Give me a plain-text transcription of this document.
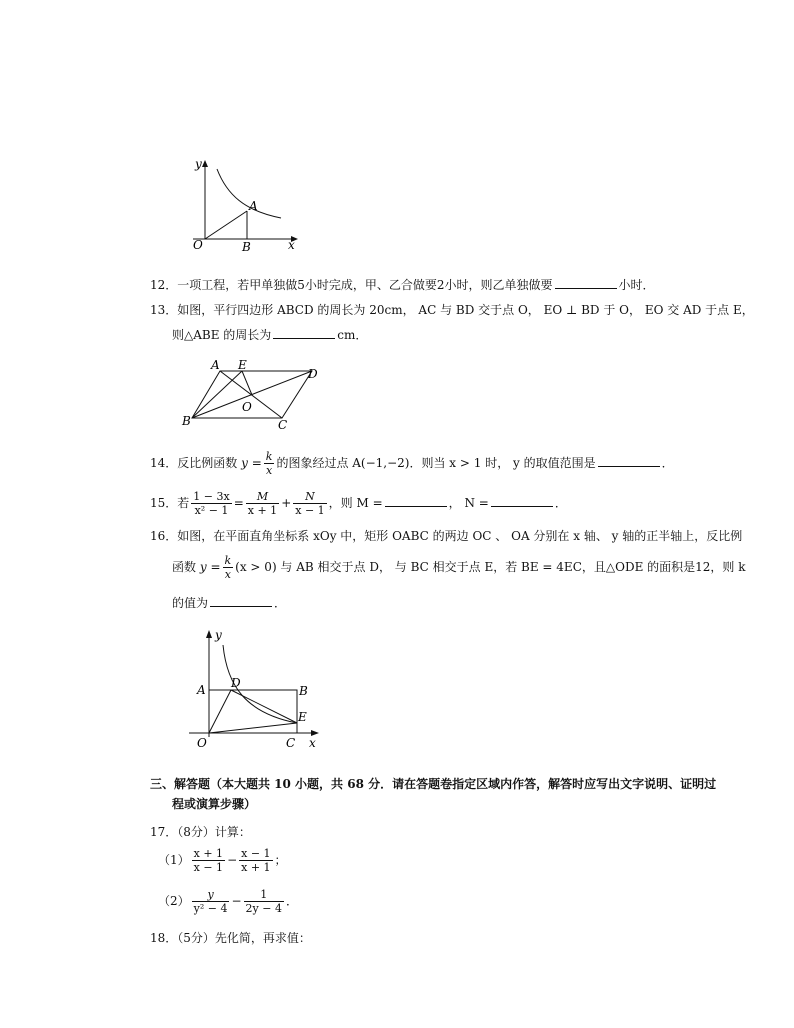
y
x
O
A
B
12．一项工程，若甲单独做5小时完成，甲、乙合做要2小时，则乙单独做要	小时．
13．如图，平行四边形 ABCD 的周长为 20cm， AC 与 BD 交于点 O， EO ⊥ BD 于 O， EO 交 AD 于点 E，
则△ABE 的周长为	cm．
A E
D
O
B	C
14．反比例函数 $y = \frac{k}{x}$ 的图象经过点 A(−1,−2)．则当 x > 1 时， y 的取值范围是	．
15．若 $\frac{1 - 3x}{\text{x² − 1}} = \frac{M}{x + 1} + \frac{N}{x - 1}$ ，则 M =	， N =	．
16．如图，在平面直角坐标系 xOy 中，矩形 OABC 的两边 OC 、 OA 分别在 x 轴、 y 轴的正半轴上，反比例
函数 $y = \frac{k}{x} (x > 0)$ 与 AB 相交于点 D， 与 BC 相交于点 E，若 BE = 4EC，且△ODE 的面积是12，则 k
的值为	．
y
x
O
A D
B
E
C
三、解答题（本大题共 10 小题，共 68 分．请在答题卷指定区域内作答，解答时应写出文字说明、证明过
程或演算步骤）
17．（8分）计算：
$(1) \frac{x + 1}{x - 1} - \frac{x - 1}{x + 1}$ ；
$(2) \frac{y}{\text{y² − 4}} - \frac{1}{2y - 4}$ ．
18．（5分）先化简，再求值：
